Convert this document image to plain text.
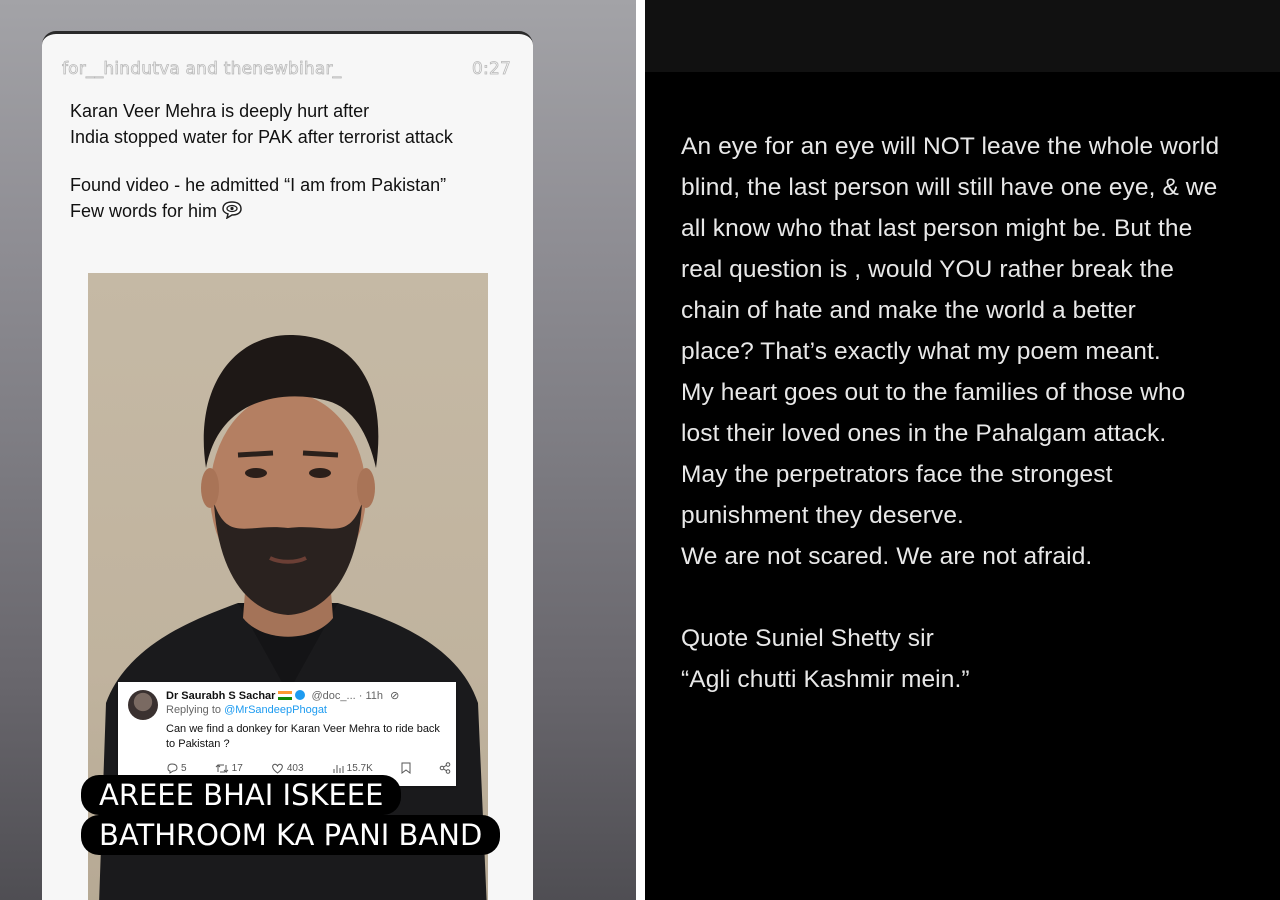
for__hindutva and thenewbihar_	0:27

Karan Veer Mehra is deeply hurt after

India stopped water for PAK after terrorist attack

Found video - he admitted “I am from Pakistan”

Few words for him

Dr Saurabh S Sachar	@doc_... · 11h ⊘
Replying to @MrSandeepPhogat
Can we find a donkey for Karan Veer Mehra to ride back to Pakistan ?
5	17	403	15.7K
AREEE BHAI ISKEEE
BATHROOM KA PANI BAND
An eye for an eye will NOT leave the whole world
blind, the last person will still have one eye, & we
all know who that last person might be. But the
real question is , would YOU rather break the
chain of hate and make the world a better
place? That’s exactly what my poem meant.
My heart goes out to the families of those who
lost their loved ones in the Pahalgam attack.
May the perpetrators face the strongest
punishment they deserve.
We are not scared. We are not afraid.
Quote Suniel Shetty sir
“Agli chutti Kashmir mein.”
